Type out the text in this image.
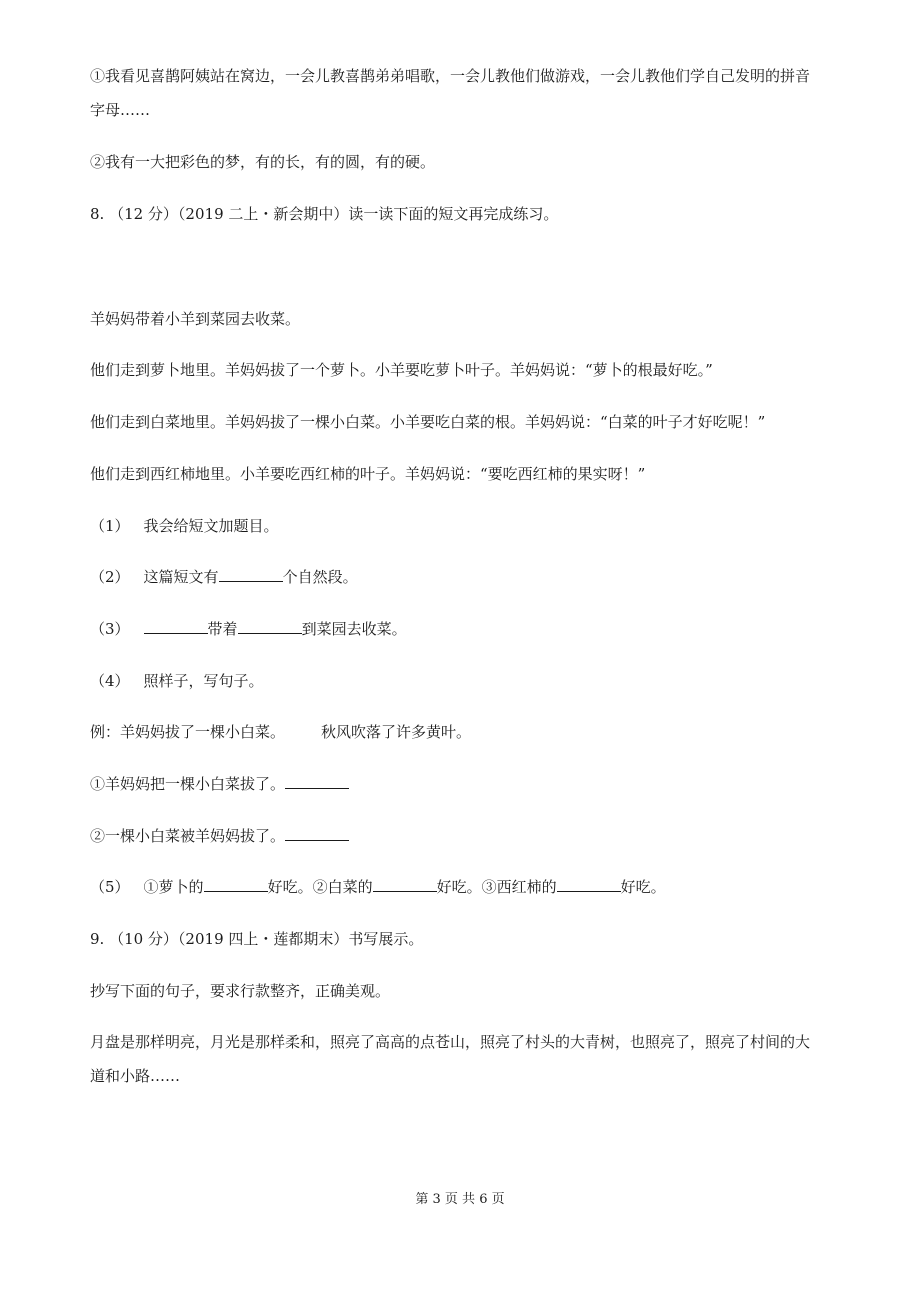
①我看见喜鹊阿姨站在窝边，一会儿教喜鹊弟弟唱歌，一会儿教他们做游戏，一会儿教他们学自己发明的拼音
字母……
②我有一大把彩色的梦，有的长，有的圆，有的硬。
8. （12 分）（2019 二上・新会期中）读一读下面的短文再完成练习。
羊妈妈带着小羊到菜园去收菜。
他们走到萝卜地里。羊妈妈拔了一个萝卜。小羊要吃萝卜叶子。羊妈妈说：“萝卜的根最好吃。”
他们走到白菜地里。羊妈妈拔了一棵小白菜。小羊要吃白菜的根。羊妈妈说：“白菜的叶子才好吃呢！”
他们走到西红柿地里。小羊要吃西红柿的叶子。羊妈妈说：“要吃西红柿的果实呀！”
（1） 我会给短文加题目。
（2） 这篇短文有	个自然段。
（3）	带着	到菜园去收菜。
（4） 照样子，写句子。
例：羊妈妈拔了一棵小白菜。 秋风吹落了许多黄叶。
①羊妈妈把一棵小白菜拔了。
②一棵小白菜被羊妈妈拔了。
（5） ①萝卜的	好吃。②白菜的	好吃。③西红柿的	好吃。
9. （10 分）（2019 四上・莲都期末）书写展示。
抄写下面的句子，要求行款整齐，正确美观。
月盘是那样明亮，月光是那样柔和，照亮了高高的点苍山，照亮了村头的大青树，也照亮了，照亮了村间的大
道和小路……
第 3 页 共 6 页
